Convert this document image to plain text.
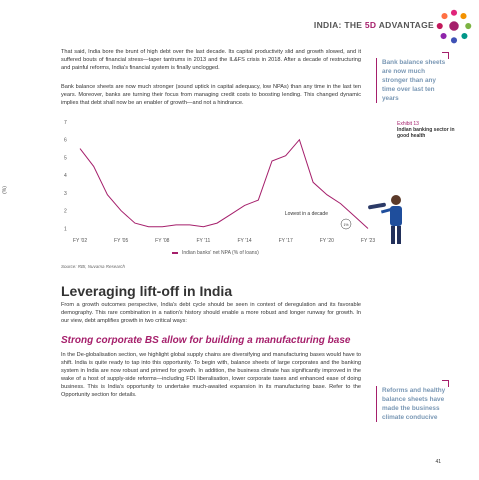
INDIA: THE 5D ADVANTAGE

That said, India bore the brunt of high debt over the last decade. Its capital productivity slid and growth slowed, and it suffered bouts of financial stress—taper tantrums in 2013 and the IL&FS crisis in 2018. After a decade of restructuring and painful reforms, India's financial system is finally unclogged.

Bank balance sheets are now much stronger (sound uptick in capital adequacy, low NPAs) than any time in the last ten years. Moreover, banks are turning their focus from managing credit costs to boosting lending. This changed dynamic implies that debt shall now be an enabler of growth—and not a hindrance.

Bank balance sheets are now much stronger than any time over last ten years
Exhibit 13
Indian banking sector in good health
(%)
1
2
3
4
5
6
7
FY '02	FY '05	FY '08	FY '11	FY '14	FY '17	FY '20	FY '23
Lowest in a decade
1%
Indian banks' net NPA (% of loans)
Source: RBI, Nuvama Research
Leveraging lift-off in India

From a growth outcomes perspective, India's debt cycle should be seen in context of deregulation and its favorable demography. This rare combination in a nation's history should enable a more robust and longer runway for growth. In our view, debt amplifies growth in two critical ways:

Strong corporate BS allow for building a manufacturing base

In the De-globalisation section, we highlight global supply chains are diversifying and manufacturing bases would have to shift. India is quite ready to tap into this opportunity. To begin with, balance sheets of large corporates and the banking system in India are now robust and primed for growth. In addition, the business climate has significantly improved in the wake of a host of supply-side reforms—including FDI liberalisation, lower corporate taxes and enhanced ease of doing business. This is India's opportunity to undertake much-awaited expansion in its manufacturing base. Refer to the Opportunity section for details.

Reforms and healthy balance sheets have made the business climate conducive
41
